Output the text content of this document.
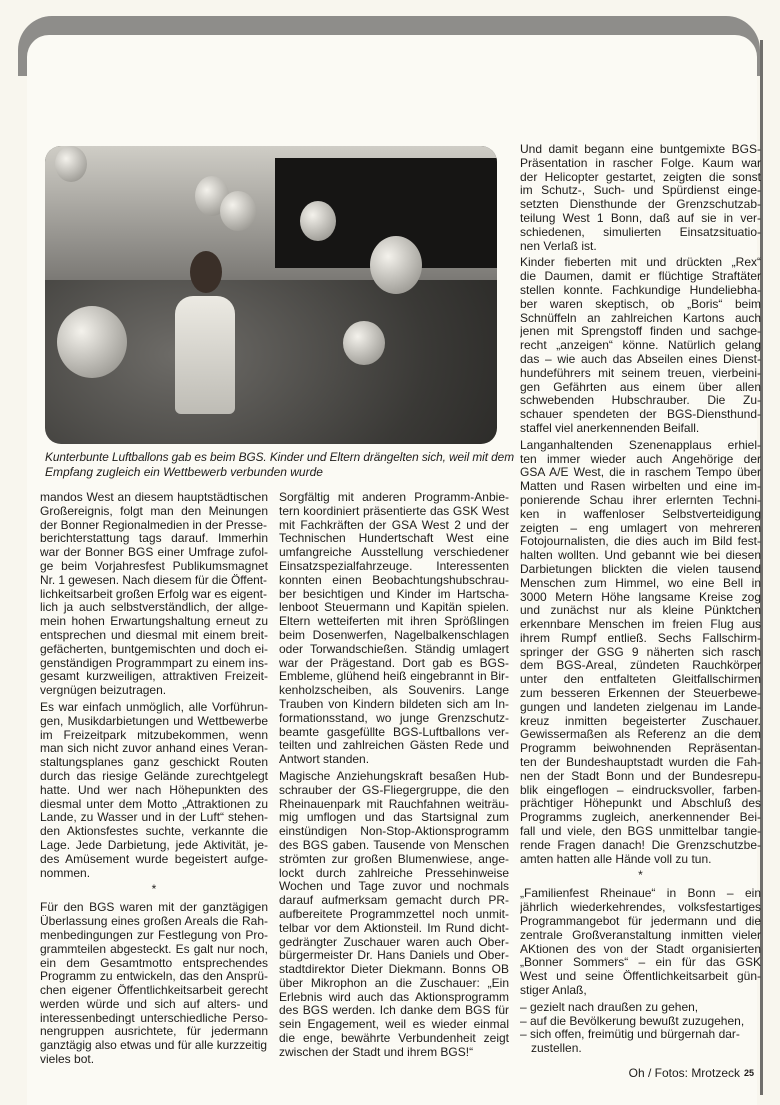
Kunterbunte Luftballons gab es beim BGS. Kinder und Eltern drängelten sich, weil mit dem
Empfang zugleich ein Wettbewerb verbunden wurde
mandos West an diesem hauptstädtischen
Großereignis, folgt man den Meinungen
der Bonner Regionalmedien in der Presse-
berichterstattung tags darauf. Immerhin
war der Bonner BGS einer Umfrage zufol-
ge beim Vorjahresfest Publikumsmagnet
Nr. 1 gewesen. Nach diesem für die Öffent-
lichkeitsarbeit großen Erfolg war es eigent-
lich ja auch selbstverständlich, der allge-
mein hohen Erwartungshaltung erneut zu
entsprechen und diesmal mit einem breit-
gefächerten, buntgemischten und doch ei-
genständigen Programmpart zu einem ins-
gesamt kurzweiligen, attraktiven Freizeit-
vergnügen beizutragen.
Es war einfach unmöglich, alle Vorführun-
gen, Musikdarbietungen und Wettbewerbe
im Freizeitpark mitzubekommen, wenn
man sich nicht zuvor anhand eines Veran-
staltungsplanes ganz geschickt Routen
durch das riesige Gelände zurechtgelegt
hatte. Und wer nach Höhepunkten des
diesmal unter dem Motto „Attraktionen zu
Lande, zu Wasser und in der Luft“ stehen-
den Aktionsfestes suchte, verkannte die
Lage. Jede Darbietung, jede Aktivität, je-
des Amüsement wurde begeistert aufge-
nommen.
*
Für den BGS waren mit der ganztägigen
Überlassung eines großen Areals die Rah-
menbedingungen zur Festlegung von Pro-
grammteilen abgesteckt. Es galt nur noch,
ein dem Gesamtmotto entsprechendes
Programm zu entwickeln, das den Ansprü-
chen eigener Öffentlichkeitsarbeit gerecht
werden würde und sich auf alters- und
interessenbedingt unterschiedliche Perso-
nengruppen ausrichtete, für jedermann
ganztägig also etwas und für alle kurzzeitig
vieles bot.
Sorgfältig mit anderen Programm-Anbie-
tern koordiniert präsentierte das GSK West
mit Fachkräften der GSA West 2 und der
Technischen Hundertschaft West eine
umfangreiche Ausstellung verschiedener
Einsatzspezialfahrzeuge. Interessenten
konnten einen Beobachtungshubschrau-
ber besichtigen und Kinder im Hartscha-
lenboot Steuermann und Kapitän spielen.
Eltern wetteiferten mit ihren Sprößlingen
beim Dosenwerfen, Nagelbalkenschlagen
oder Torwandschießen. Ständig umlagert
war der Prägestand. Dort gab es BGS-
Embleme, glühend heiß eingebrannt in Bir-
kenholzscheiben, als Souvenirs. Lange
Trauben von Kindern bildeten sich am In-
formationsstand, wo junge Grenzschutz-
beamte gasgefüllte BGS-Luftballons ver-
teilten und zahlreichen Gästen Rede und
Antwort standen.
Magische Anziehungskraft besaßen Hub-
schrauber der GS-Fliegergruppe, die den
Rheinauenpark mit Rauchfahnen weiträu-
mig umflogen und das Startsignal zum
einstündigen Non-Stop-Aktionsprogramm
des BGS gaben. Tausende von Menschen
strömten zur großen Blumenwiese, ange-
lockt durch zahlreiche Pressehinweise
Wochen und Tage zuvor und nochmals
darauf aufmerksam gemacht durch PR-
aufbereitete Programmzettel noch unmit-
telbar vor dem Aktionsteil. Im Rund dicht-
gedrängter Zuschauer waren auch Ober-
bürgermeister Dr. Hans Daniels und Ober-
stadtdirektor Dieter Diekmann. Bonns OB
über Mikrophon an die Zuschauer: „Ein
Erlebnis wird auch das Aktionsprogramm
des BGS werden. Ich danke dem BGS für
sein Engagement, weil es wieder einmal
die enge, bewährte Verbundenheit zeigt
zwischen der Stadt und ihrem BGS!“
Und damit begann eine buntgemixte BGS-
Präsentation in rascher Folge. Kaum war
der Helicopter gestartet, zeigten die sonst
im Schutz-, Such- und Spürdienst einge-
setzten Diensthunde der Grenzschutzab-
teilung West 1 Bonn, daß auf sie in ver-
schiedenen, simulierten Einsatzsituatio-
nen Verlaß ist.
Kinder fieberten mit und drückten „Rex“
die Daumen, damit er flüchtige Straftäter
stellen konnte. Fachkundige Hundeliebha-
ber waren skeptisch, ob „Boris“ beim
Schnüffeln an zahlreichen Kartons auch
jenen mit Sprengstoff finden und sachge-
recht „anzeigen“ könne. Natürlich gelang
das – wie auch das Abseilen eines Dienst-
hundeführers mit seinem treuen, vierbeini-
gen Gefährten aus einem über allen
schwebenden Hubschrauber. Die Zu-
schauer spendeten der BGS-Diensthund-
staffel viel anerkennenden Beifall.
Langanhaltenden Szenenapplaus erhiel-
ten immer wieder auch Angehörige der
GSA A/E West, die in raschem Tempo über
Matten und Rasen wirbelten und eine im-
ponierende Schau ihrer erlernten Techni-
ken in waffenloser Selbstverteidigung
zeigten – eng umlagert von mehreren
Fotojournalisten, die dies auch im Bild fest-
halten wollten. Und gebannt wie bei diesen
Darbietungen blickten die vielen tausend
Menschen zum Himmel, wo eine Bell in
3000 Metern Höhe langsame Kreise zog
und zunächst nur als kleine Pünktchen
erkennbare Menschen im freien Flug aus
ihrem Rumpf entließ. Sechs Fallschirm-
springer der GSG 9 näherten sich rasch
dem BGS-Areal, zündeten Rauchkörper
unter den entfalteten Gleitfallschirmen
zum besseren Erkennen der Steuerbewe-
gungen und landeten zielgenau im Lande-
kreuz inmitten begeisterter Zuschauer.
Gewissermaßen als Referenz an die dem
Programm beiwohnenden Repräsentan-
ten der Bundeshauptstadt wurden die Fah-
nen der Stadt Bonn und der Bundesrepu-
blik eingeflogen – eindrucksvoller, farben-
prächtiger Höhepunkt und Abschluß des
Programms zugleich, anerkennender Bei-
fall und viele, den BGS unmittelbar tangie-
rende Fragen danach! Die Grenzschutzbe-
amten hatten alle Hände voll zu tun.
*
„Familienfest Rheinaue“ in Bonn – ein
jährlich wiederkehrendes, volksfestartiges
Programmangebot für jedermann und die
zentrale Großveranstaltung inmitten vieler
AKtionen des von der Stadt organisierten
„Bonner Sommers“ – ein für das GSK
West und seine Öffentlichkeitsarbeit gün-
stiger Anlaß,
– gezielt nach draußen zu gehen,
– auf die Bevölkerung bewußt zuzugehen,
– sich offen, freimütig und bürgernah dar-
zustellen.
Oh / Fotos: Mrotzeck 25
